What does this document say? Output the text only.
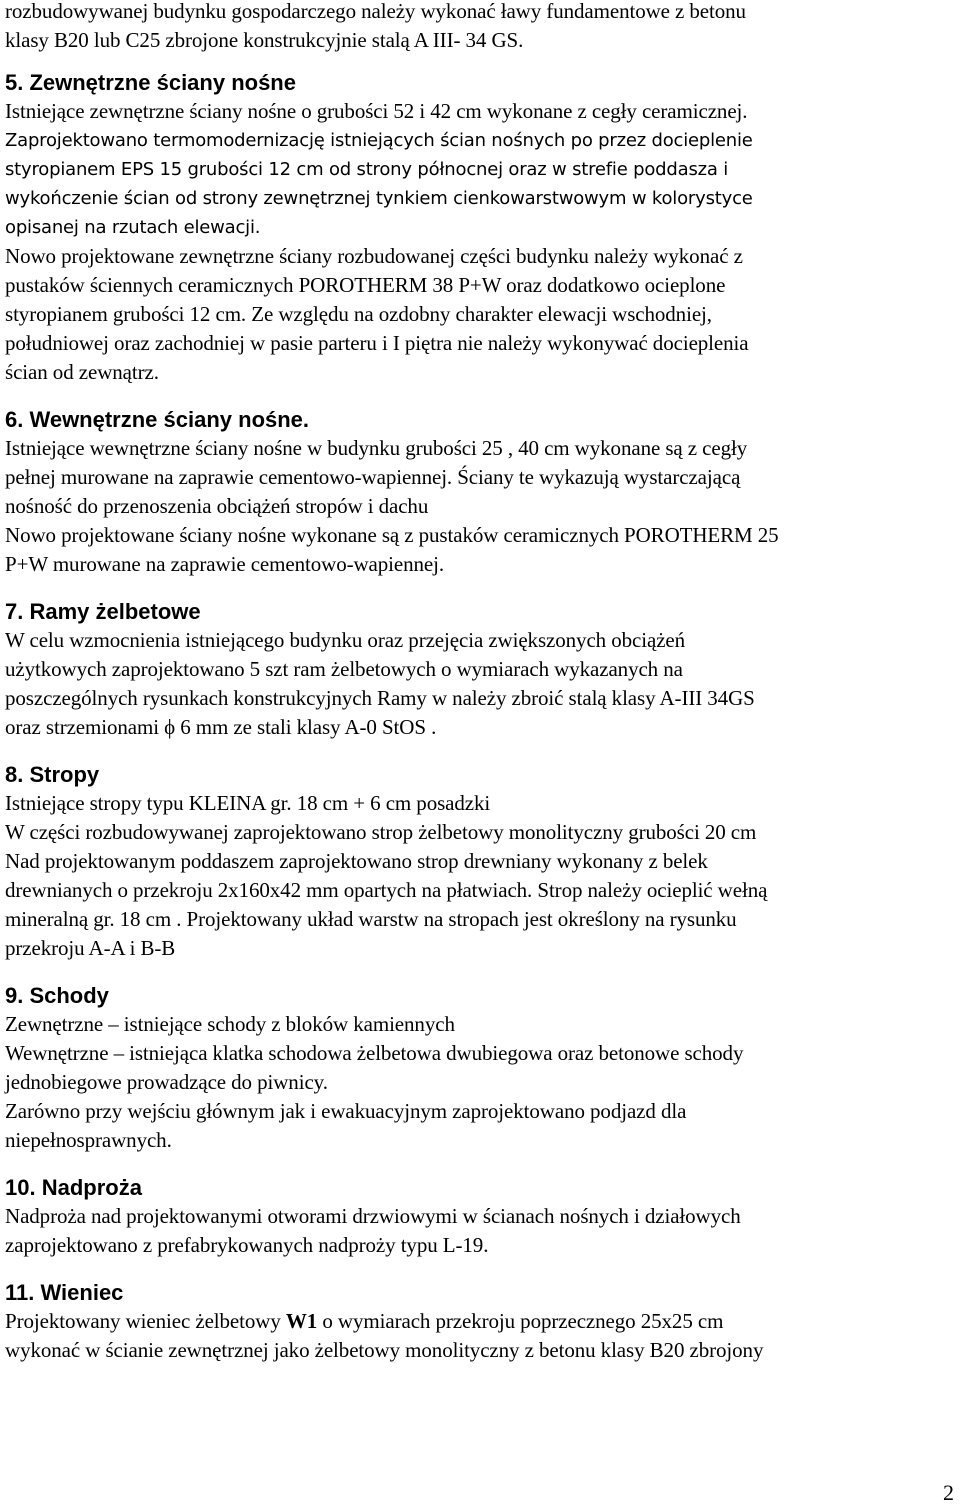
rozbudowywanej budynku gospodarczego należy wykonać ławy fundamentowe z betonu
klasy B20 lub C25 zbrojone konstrukcyjnie stalą A III- 34 GS.
5. Zewnętrzne ściany nośne
Istniejące zewnętrzne ściany nośne o grubości 52 i 42 cm wykonane z cegły ceramicznej.
Zaprojektowano termomodernizację istniejących ścian nośnych po przez docieplenie
styropianem EPS 15 grubości 12 cm od strony północnej oraz w strefie poddasza i
wykończenie ścian od strony zewnętrznej tynkiem cienkowarstwowym w kolorystyce
opisanej na rzutach elewacji.
Nowo projektowane zewnętrzne ściany rozbudowanej części budynku należy wykonać z
pustaków ściennych ceramicznych POROTHERM 38 P+W oraz dodatkowo ocieplone
styropianem grubości 12 cm. Ze względu na ozdobny charakter elewacji wschodniej,
południowej oraz zachodniej w pasie parteru i I piętra nie należy wykonywać docieplenia
ścian od zewnątrz.
6. Wewnętrzne ściany nośne.
Istniejące wewnętrzne ściany nośne w budynku grubości 25 , 40 cm wykonane są z cegły
pełnej murowane na zaprawie cementowo-wapiennej. Ściany te wykazują wystarczającą
nośność do przenoszenia obciążeń stropów i dachu
Nowo projektowane ściany nośne wykonane są z pustaków ceramicznych POROTHERM 25
P+W murowane na zaprawie cementowo-wapiennej.
7. Ramy żelbetowe
W celu wzmocnienia istniejącego budynku oraz przejęcia zwiększonych obciążeń
użytkowych zaprojektowano 5 szt ram żelbetowych o wymiarach wykazanych na
poszczególnych rysunkach konstrukcyjnych Ramy w należy zbroić stalą klasy A-III 34GS
oraz strzemionami ϕ 6 mm ze stali klasy A-0 StOS .
8. Stropy
Istniejące stropy typu KLEINA gr. 18 cm + 6 cm posadzki
W części rozbudowywanej zaprojektowano strop żelbetowy monolityczny grubości 20 cm
Nad projektowanym poddaszem zaprojektowano strop drewniany wykonany z belek
drewnianych o przekroju 2x160x42 mm opartych na płatwiach. Strop należy ocieplić wełną
mineralną gr. 18 cm . Projektowany układ warstw na stropach jest określony na rysunku
przekroju A-A i B-B
9. Schody
Zewnętrzne – istniejące schody z bloków kamiennych
Wewnętrzne – istniejąca klatka schodowa żelbetowa dwubiegowa oraz betonowe schody
jednobiegowe prowadzące do piwnicy.
Zarówno przy wejściu głównym jak i ewakuacyjnym zaprojektowano podjazd dla
niepełnosprawnych.
10. Nadproża
Nadproża nad projektowanymi otworami drzwiowymi w ścianach nośnych i działowych
zaprojektowano z prefabrykowanych nadproży typu L-19.
11. Wieniec
Projektowany wieniec żelbetowy W1 o wymiarach przekroju poprzecznego 25x25 cm
wykonać w ścianie zewnętrznej jako żelbetowy monolityczny z betonu klasy B20 zbrojony
2
